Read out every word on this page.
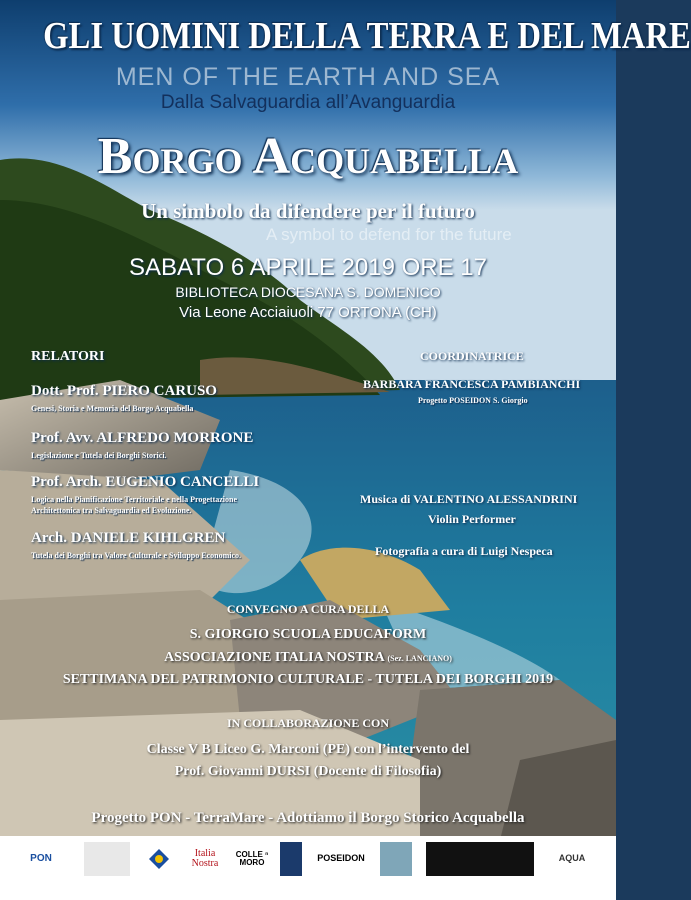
GLI UOMINI DELLA TERRA E DEL MARE
MEN OF THE EARTH AND SEA
Dalla Salvaguardia all’Avanguardia
Borgo Acquabella
Un simbolo da difendere per il futuro
A symbol to defend for the future
SABATO 6 APRILE 2019 ORE 17
BIBLIOTECA DIOCESANA S. DOMENICO
Via Leone Acciaiuoli 77 ORTONA (CH)
RELATORI
Dott. Prof. PIERO CARUSO
Genesi, Storia e Memoria del Borgo Acquabella
Prof. Avv. ALFREDO MORRONE
Legislazione e Tutela dei Borghi Storici.
Prof. Arch. EUGENIO CANCELLI
Logica nella Pianificazione Territoriale e nella Progettazione
Architettonica tra Salvaguardia ed Evoluzione.
Arch. DANIELE KIHLGREN
Tutela dei Borghi tra Valore Culturale e Sviluppo Economico.
COORDINATRICE
BARBARA FRANCESCA PAMBIANCHI
Progetto POSEIDON S. Giorgio
Musica di VALENTINO ALESSANDRINI
Violin Performer
Fotografia a cura di Luigi Nespeca
CONVEGNO A CURA DELLA
S. GIORGIO SCUOLA EDUCAFORM
ASSOCIAZIONE ITALIA NOSTRA (Sez. LANCIANO)
SETTIMANA DEL PATRIMONIO CULTURALE - TUTELA DEI BORGHI 2019
IN COLLABORAZIONE CON
Classe V B Liceo G. Marconi (PE) con l’intervento del
Prof. Giovanni DURSI (Docente di Filosofia)
Progetto PON - TerraMare - Adottiamo il Borgo Storico Acquabella
PON	Italia Nostra
COLLE ⁿ MORO	POSEIDON	AQUA
